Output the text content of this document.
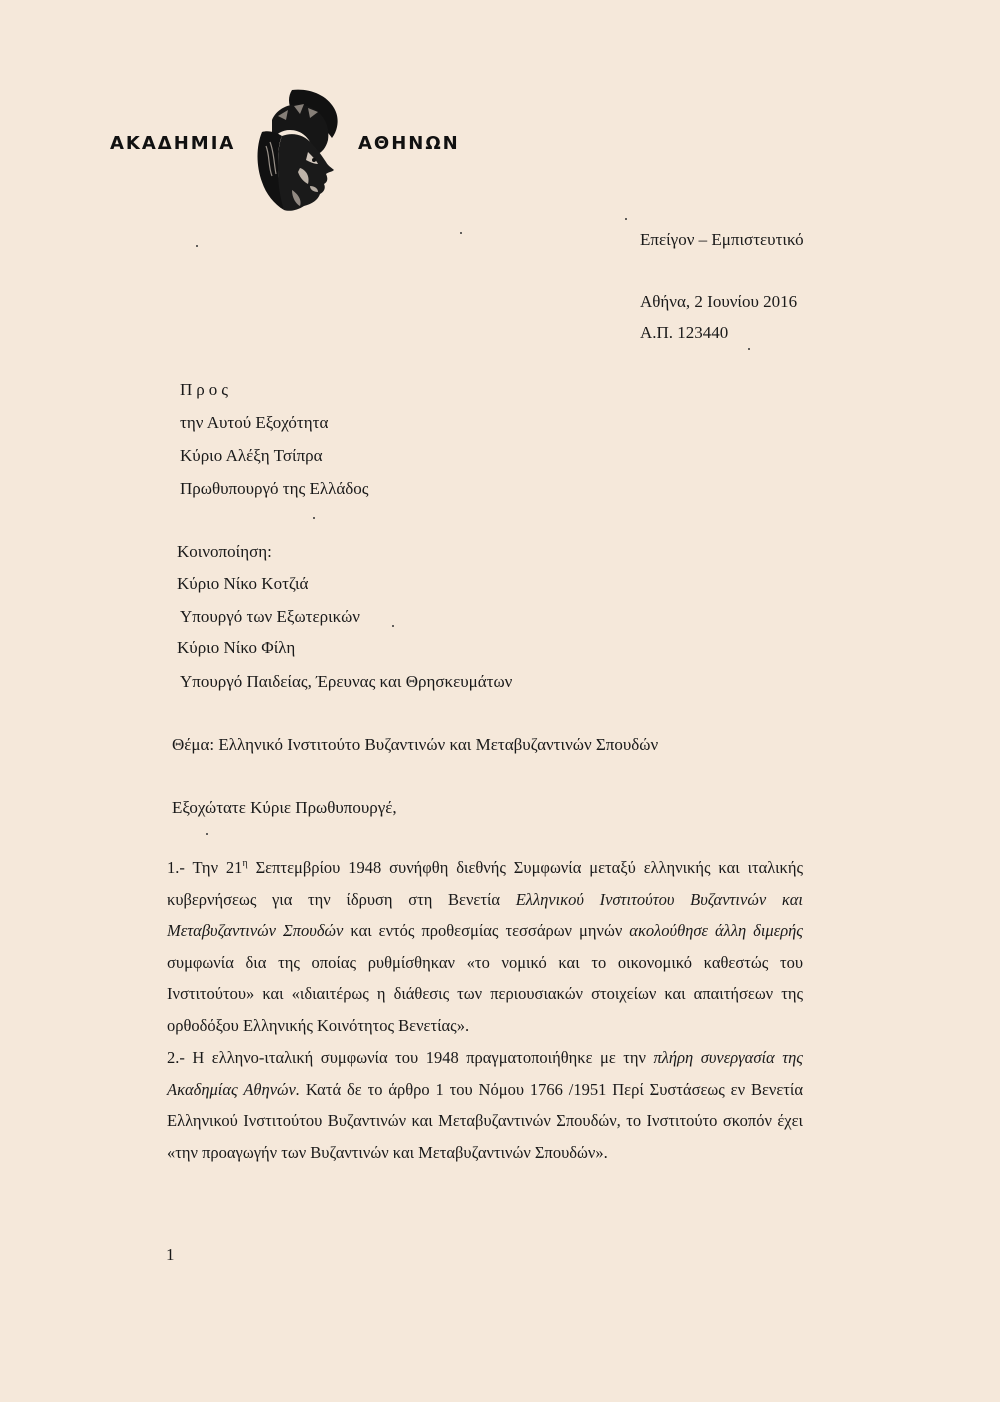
ΑΚΑΔΗΜΙΑ	ΑΘΗΝΩΝ
Επείγον – Εμπιστευτικό
Αθήνα, 2 Ιουνίου 2016
Α.Π. 123440
Προς
την Αυτού Εξοχότητα
Κύριο Αλέξη Τσίπρα
Πρωθυπουργό της Ελλάδος
Κοινοποίηση:
Κύριο Νίκο Κοτζιά
Υπουργό των Εξωτερικών
Κύριο Νίκο Φίλη
Υπουργό Παιδείας, Έρευνας και Θρησκευμάτων
Θέμα: Ελληνικό Ινστιτούτο Βυζαντινών και Μεταβυζαντινών Σπουδών
Εξοχώτατε Κύριε Πρωθυπουργέ,

1.- Την $21^\eta$ Σεπτεμβρίου 1948 συνήφθη διεθνής Συμφωνία μεταξύ ελληνικής και ιταλικής κυβερνήσεως για την ίδρυση στη Βενετία Ελληνικού Ινστιτούτου Βυζαντινών και Μεταβυζαντινών Σπουδών και εντός προθεσμίας τεσσάρων μηνών ακολούθησε άλλη διμερής συμφωνία δια της οποίας ρυθμίσθηκαν «το νομικό και το οικονομικό καθεστώς του Ινστιτούτου» και «ιδιαιτέρως η διάθεσις των περιουσιακών στοιχείων και απαιτήσεων της ορθοδόξου Ελληνικής Κοινότητος Βενετίας».

2.- Η ελληνο-ιταλική συμφωνία του 1948 πραγματοποιήθηκε με την πλήρη συνεργασία της Ακαδημίας Αθηνών. Κατά δε το άρθρο 1 του Νόμου 1766 /1951 Περί Συστάσεως εν Βενετία Ελληνικού Ινστιτούτου Βυζαντινών και Μεταβυζαντινών Σπουδών, το Ινστιτούτο σκοπόν έχει «την προαγωγήν των Βυζαντινών και Μεταβυζαντινών Σπουδών».

1
